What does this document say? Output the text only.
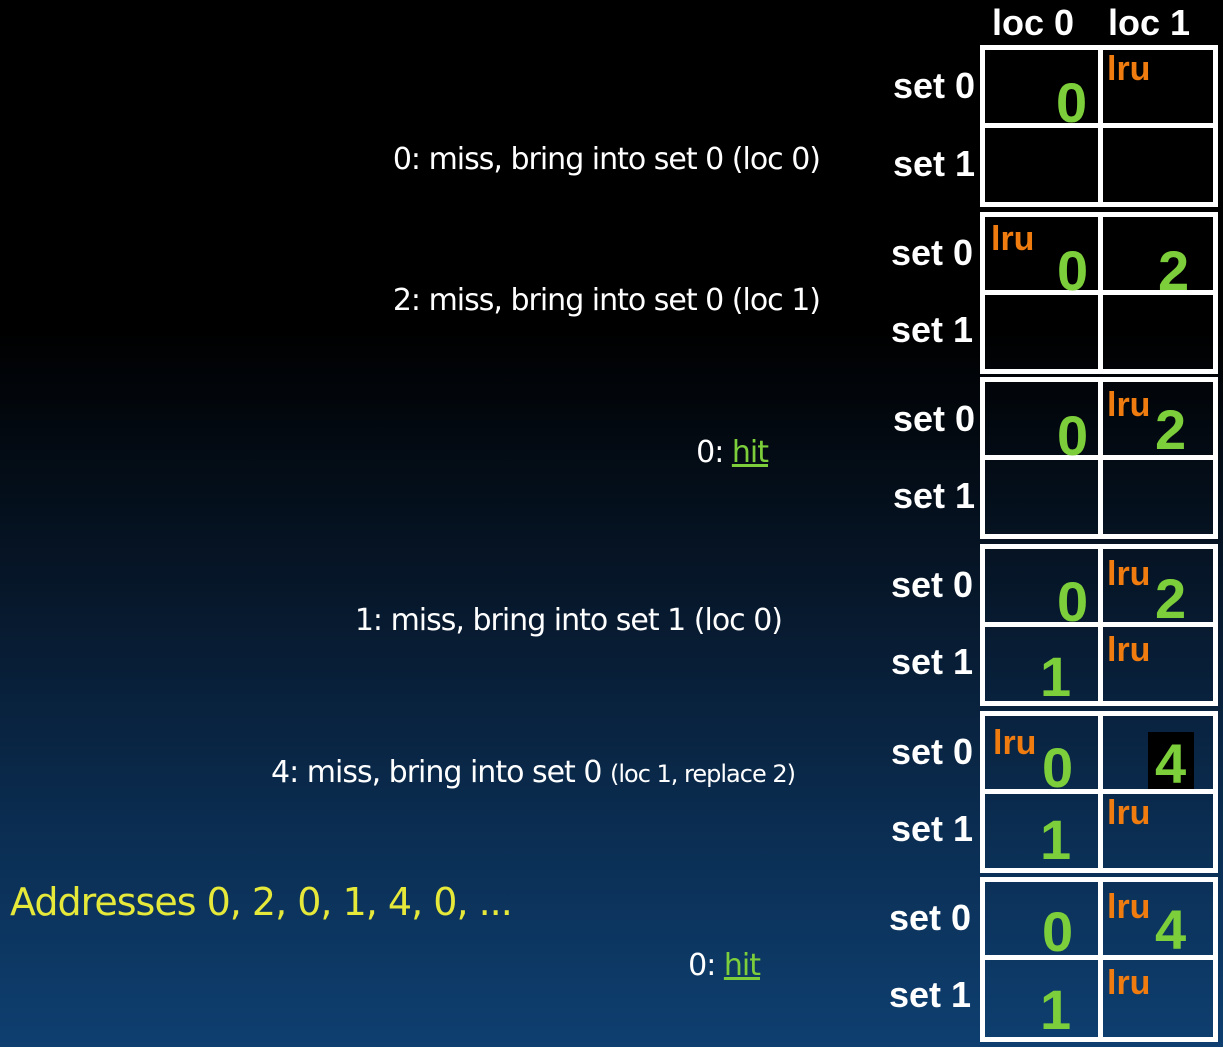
loc 0 loc 1
0: miss, bring into set 0 (loc 0)
2: miss, bring into set 0 (loc 1)
0: hit
1: miss, bring into set 1 (loc 0)
4: miss, bring into set 0 (loc 1, replace 2)
0: hit
Addresses 0, 2, 0, 1, 4, 0, ...
set 0
set 1
0
lru
set 0
set 1
lru 0 2
set 0
set 1
0 lru 2
set 0
set 1
0 lru 2
1 lru
set 0
set 1
lru 0 4
1 lru
set 0
set 1
0 lru 4
1 lru
